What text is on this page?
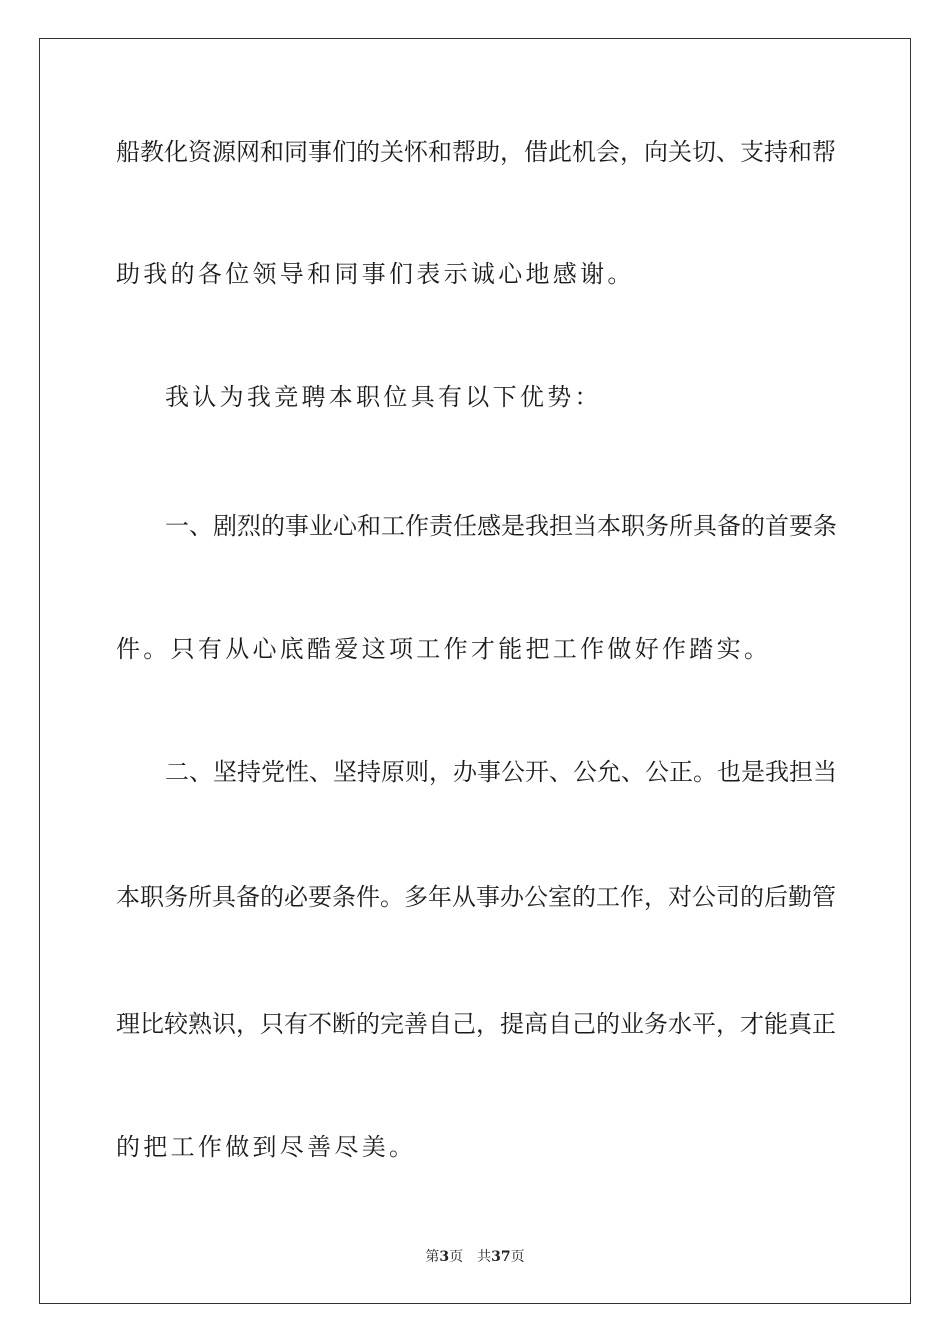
船教化资源网和同事们的关怀和帮助，借此机会，向关切、支持和帮
助我的各位领导和同事们表示诚心地感谢。
我认为我竞聘本职位具有以下优势：
一、剧烈的事业心和工作责任感是我担当本职务所具备的首要条
件。只有从心底酷爱这项工作才能把工作做好作踏实。
二、坚持党性、坚持原则，办事公开、公允、公正。也是我担当
本职务所具备的必要条件。多年从事办公室的工作，对公司的后勤管
理比较熟识，只有不断的完善自己，提高自己的业务水平，才能真正
的把工作做到尽善尽美。
第3页 共37页
